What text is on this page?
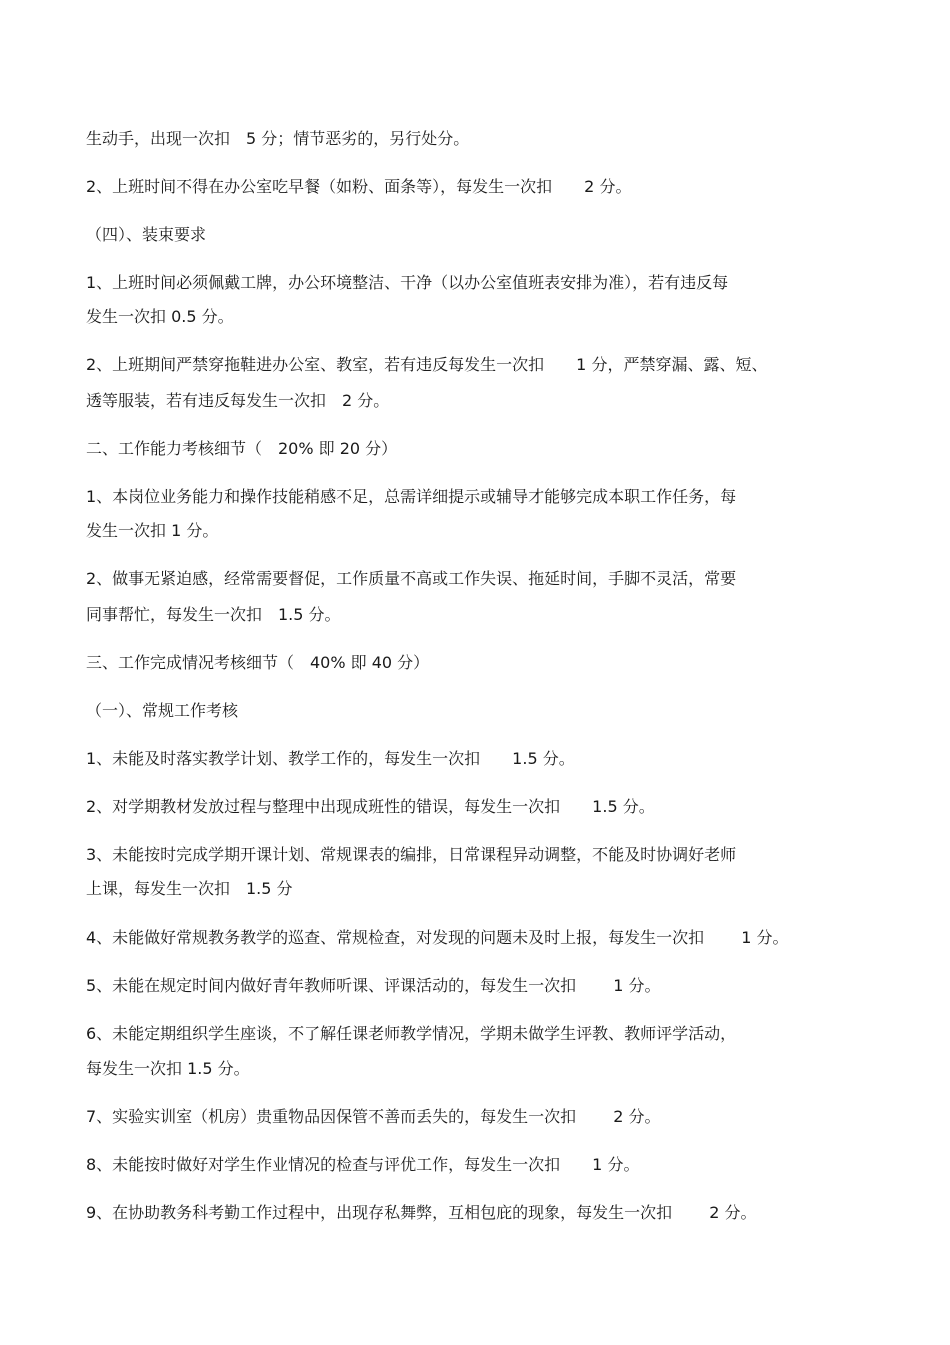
生动手，出现一次扣　5 分；情节恶劣的，另行处分。
2、上班时间不得在办公室吃早餐（如粉、面条等），每发生一次扣　　2 分。
（四）、装束要求
1、上班时间必须佩戴工牌，办公环境整洁、干净（以办公室值班表安排为准），若有违反每
发生一次扣 0.5 分。
2、上班期间严禁穿拖鞋进办公室、教室，若有违反每发生一次扣　　1 分，严禁穿漏、露、短、
透等服装，若有违反每发生一次扣　2 分。
二、工作能力考核细节（　20% 即 20 分）
1、本岗位业务能力和操作技能稍感不足，总需详细提示或辅导才能够完成本职工作任务，每
发生一次扣 1 分。
2、做事无紧迫感，经常需要督促，工作质量不高或工作失误、拖延时间，手脚不灵活，常要
同事帮忙，每发生一次扣　1.5 分。
三、工作完成情况考核细节（　40% 即 40 分）
（一）、常规工作考核
1、未能及时落实教学计划、教学工作的，每发生一次扣　　1.5 分。
2、对学期教材发放过程与整理中出现成班性的错误，每发生一次扣　　1.5 分。
3、未能按时完成学期开课计划、常规课表的编排，日常课程异动调整，不能及时协调好老师
上课，每发生一次扣　1.5 分
4、未能做好常规教务教学的巡查、常规检查，对发现的问题未及时上报，每发生一次扣　　 1 分。
5、未能在规定时间内做好青年教师听课、评课活动的，每发生一次扣　　 1 分。
6、未能定期组织学生座谈，不了解任课老师教学情况，学期未做学生评教、教师评学活动，
每发生一次扣 1.5 分。
7、实验实训室（机房）贵重物品因保管不善而丢失的，每发生一次扣　　 2 分。
8、未能按时做好对学生作业情况的检查与评优工作，每发生一次扣　　1 分。
9、在协助教务科考勤工作过程中，出现存私舞弊，互相包庇的现象，每发生一次扣　　 2 分。
